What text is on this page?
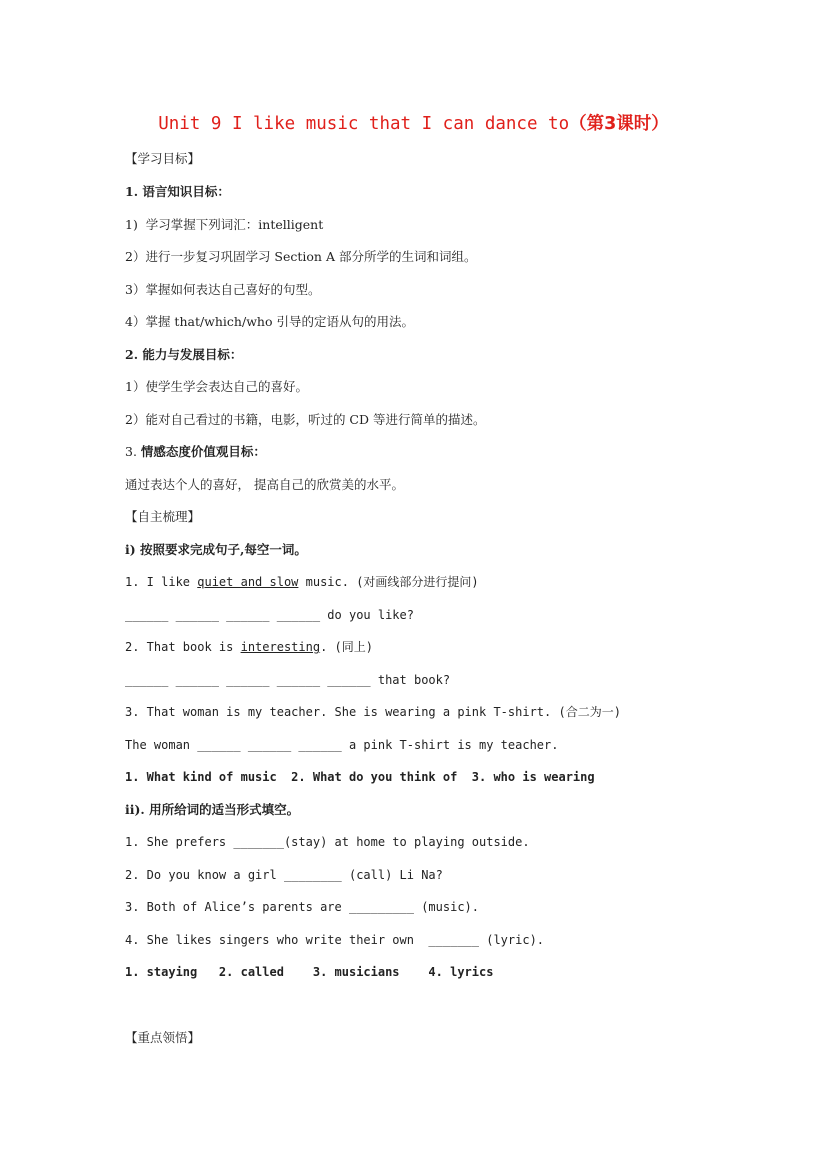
Unit 9 I like music that I can dance to（第3课时）
【学习目标】
1. 语言知识目标：
1)  学习掌握下列词汇：intelligent
2）进行一步复习巩固学习 Section A 部分所学的生词和词组。
3）掌握如何表达自己喜好的句型。
4）掌握 that/which/who 引导的定语从句的用法。
2. 能力与发展目标：
1）使学生学会表达自己的喜好。
2）能对自己看过的书籍，电影，听过的 CD 等进行简单的描述。
3. 情感态度价值观目标：
通过表达个人的喜好， 提高自己的欣赏美的水平。
【自主梳理】
i) 按照要求完成句子,每空一词。
1. I like quiet and slow music. (对画线部分进行提问)
______ ______ ______ ______ do you like?
2. That book is interesting. (同上)
______ ______ ______ ______ ______ that book?
3. That woman is my teacher. She is wearing a pink T-shirt. (合二为一)
The woman ______ ______ ______ a pink T-shirt is my teacher.
1. What kind of music  2. What do you think of  3. who is wearing
ii). 用所给词的适当形式填空。
1. She prefers _______(stay) at home to playing outside.
2. Do you know a girl ________ (call) Li Na?
3. Both of Alice’s parents are _________ (music).
4. She likes singers who write their own  _______ (lyric).
1. staying   2. called    3. musicians    4. lyrics
【重点领悟】
